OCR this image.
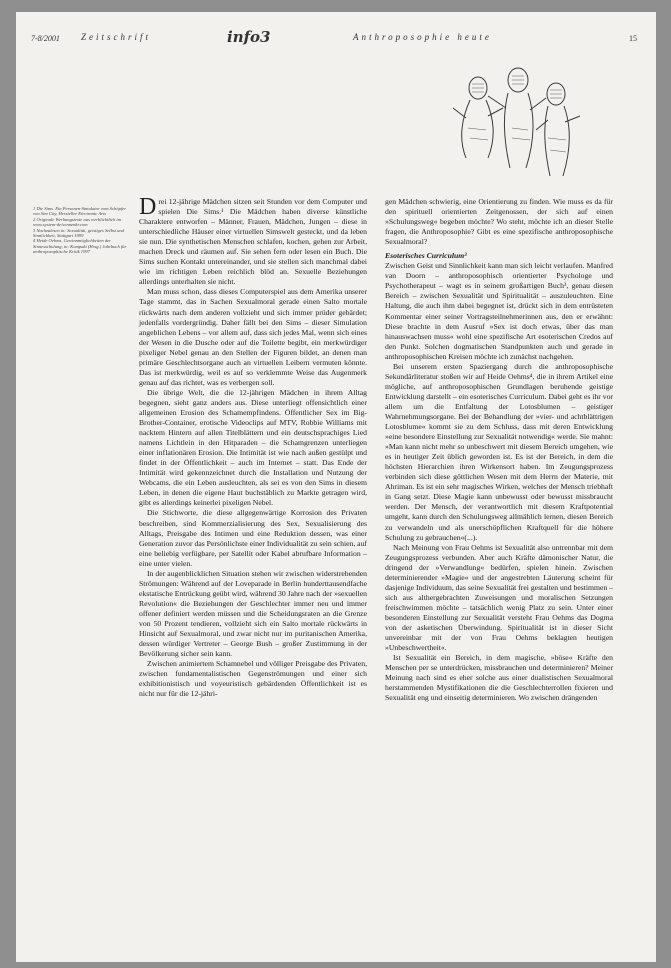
7-8/2001 Zeitschrift	info3	Anthroposophie heute	15

1 Die Sims. Ein Personen-Simulator vom Schöpfer von Sim City, Hersteller Electronic Arts

2 Originale Werbungstexte aus werblichtlich im www.system-de/sonnenkr.com

3 Nachzulesen in: Sexualität, geistiges Selbst und Sinnlichkeit, Stuttgart 1999

4 Heide Oehms, Gewinnmöglichkeiten der Sinnesschulung, in: Kompakt (Hrsg.) Jahrbuch für anthroposophische Kritik 1997

Drei 12-jährige Mädchen sitzen seit Stunden vor dem Computer und spielen Die Sims.¹ Die Mädchen haben diverse künstliche Charaktere entworfen – Männer, Frauen, Mädchen, Jungen – diese in unterschiedliche Häuser einer virtuellen Simswelt gesteckt, und da leben sie nun. Die synthetischen Menschen schlafen, kochen, gehen zur Arbeit, machen Dreck und räumen auf. Sie sehen fern oder lesen ein Buch. Die Sims suchen Kontakt untereinander, und sie stellen sich manchmal dabei wie im richtigen Leben reichlich blöd an. Sexuelle Beziehungen allerdings unterhalten sie nicht.

Man muss schon, dass dieses Computerspiel aus dem Amerika unserer Tage stammt, das in Sachen Sexualmoral gerade einen Salto mortale rückwärts nach dem anderen vollzieht und sich immer prüder gebärdet; jedenfalls vordergründig. Daher fällt bei den Sims – dieser Simulation angeblichen Lebens – vor allem auf, dass sich jedes Mal, wenn sich eines der Wesen in die Dusche oder auf die Toilette begibt, ein merkwürdiger pixeliger Nebel genau an den Stellen der Figuren bildet, an denen man primäre Geschlechtsorgane auch an virtuellen Leibern vermuten könnte. Das ist merkwürdig, weil es auf so verklemmte Weise das Augenmerk genau auf das richtet, was es verbergen soll.

Die übrige Welt, die die 12-jährigen Mädchen in ihrem Alltag begegnen, sieht ganz anders aus. Diese unterliegt offensichtlich einer allgemeinen Erosion des Schamempfindens. Öffentlicher Sex im Big-Brother-Container, erotische Videoclips auf MTV, Robbie Williams mit nacktem Hintern auf allen Titelblättern und ein deutschsprachiges Lied namens Lichtlein in den Hitparaden – die Schamgrenzen unterliegen einer inflationären Erosion. Die Intimität ist wie nach außen gestülpt und findet in der Öffentlichkeit – auch im Internet – statt. Das Ende der Intimität wird gekennzeichnet durch die Installation und Nutzung der Webcams, die ein Leben ausleuchten, als sei es von den Sims in diesem Leben, in denen die eigene Haut buchstäblich zu Markte getragen wird, gibt es allerdings keinerlei pixeligen Nebel.

Die Stichworte, die diese allgegenwärtige Korrosion des Privaten beschreiben, sind Kommerzialisierung des Sex, Sexualisierung des Alltags, Preisgabe des Intimen und eine Reduktion dessen, was einer Generation zuvor das Persönlichste einer Individualität zu sein schien, auf eine beliebig verfügbare, per Satellit oder Kabel abrufbare Information – eine unter vielen.

In der augenblicklichen Situation stehen wir zwischen widerstrebenden Strömungen: Während auf der Loveparade in Berlin hunderttausendfache ekstatische Entrückung geübt wird, während 30 Jahre nach der »sexuellen Revolution« die Beziehungen der Geschlechter immer neu und immer offener definiert werden müssen und die Scheidungsraten an die Grenze von 50 Prozent tendieren, vollzieht sich ein Salto mortale rückwärts in Hinsicht auf Sexualmoral, und zwar nicht nur im puritanischen Amerika, dessen würdiger Vertreter – George Bush – großer Zustimmung in der Bevölkerung sicher sein kann.

Zwischen animiertem Schamnebel und völliger Preisgabe des Privaten, zwischen fundamentalistischen Gegenströmungen und einer sich exhibitionistisch und voyeuristisch gebärdenden Öffentlichkeit ist es nicht nur für die 12-jähri-

gen Mädchen schwierig, eine Orientierung zu finden. Wie muss es da für den spirituell orientierten Zeitgenossen, der sich auf einen »Schulungsweg« begeben möchte? Wo steht, möchte ich an dieser Stelle fragen, die Anthroposophie? Gibt es eine spezifische anthroposophische Sexualmoral?

Esoterisches Curriculum³

Zwischen Geist und Sinnlichkeit kann man sich leicht verlaufen. Manfred van Doorn – anthroposophisch orientierter Psychologe und Psychotherapeut – wagt es in seinem großartigen Buch³, genau diesen Bereich – zwischen Sexualität und Spiritualität – auszuleuchten. Eine Haltung, die auch ihm dabei begegnet ist, drückt sich in dem entrüsteten Kommentar einer seiner Vortragsteilnehmerinnen aus, den er erwähnt: Diese brachte in dem Ausruf »Sex ist doch etwas, über das man hinauswachsen muss« wohl eine spezifische Art esoterischen Credos auf den Punkt. Solchen dogmatischen Standpunkten auch und gerade in anthroposophischen Kreisen möchte ich zunächst nachgehen.

Bei unserem ersten Spaziergang durch die anthroposophische Sekundärliteratur stoßen wir auf Heide Oehms⁴, die in ihrem Artikel eine mögliche, auf anthroposophischen Grundlagen beruhende geistige Entwicklung darstellt – ein esoterisches Curriculum. Dabei geht es ihr vor allem um die Entfaltung der Lotosblumen – geistiger Wahrnehmungsorgane. Bei der Behandlung der »vier- und achtblättrigen Lotosblume« kommt sie zu dem Schluss, dass mit deren Entwicklung »eine besondere Einstellung zur Sexualität notwendig« werde. Sie mahnt: »Man kann nicht mehr so unbeschwert mit diesem Bereich umgehen, wie es in heutiger Zeit üblich geworden ist. Es ist der Bereich, in dem die höchsten Hierarchien ihren Wirkensort haben. Im Zeugungsprozess verbinden sich diese göttlichen Wesen mit dem Herrn der Materie, mit Ahriman. Es ist ein sehr magisches Wirken, welches der Mensch triebhaft in Gang setzt. Diese Magie kann unbewusst oder bewusst missbraucht werden. Der Mensch, der verantwortlich mit diesem Kraftpotential umgeht, kann durch den Schulungsweg allmählich lernen, diesen Bereich zu verwandeln und als unerschöpflichen Kraftquell für die höhere Schulung zu gebrauchen«(...).

Nach Meinung von Frau Oehms ist Sexualität also untrennbar mit dem Zeugungsprozess verbunden. Aber auch Kräfte dämonischer Natur, die dringend der »Verwandlung« bedürfen, spielen hinein. Zwischen determinierender »Magie« und der angestrebten Läuterung scheint für dasjenige Individuum, das seine Sexualität frei gestalten und bestimmen – sich aus althergebrachten Zuweisungen und moralischen Setzungen freischwimmen möchte – tatsächlich wenig Platz zu sein. Unter einer besonderen Einstellung zur Sexualität versteht Frau Oehms das Dogma von der asketischen Überwindung. Spiritualität ist in dieser Sicht unvereinbar mit der von Frau Oehms beklagten heutigen »Unbeschwertheit«.

Ist Sexualität ein Bereich, in dem magische, »böse« Kräfte den Menschen per se unterdrücken, missbrauchen und determinieren? Meiner Meinung nach sind es eher solche aus einer dualistischen Sexualmoral herstammenden Mystifikationen die die Geschlechterrollen fixieren und Sexualität eng und einseitig determinieren. Wo zwischen drängenden
